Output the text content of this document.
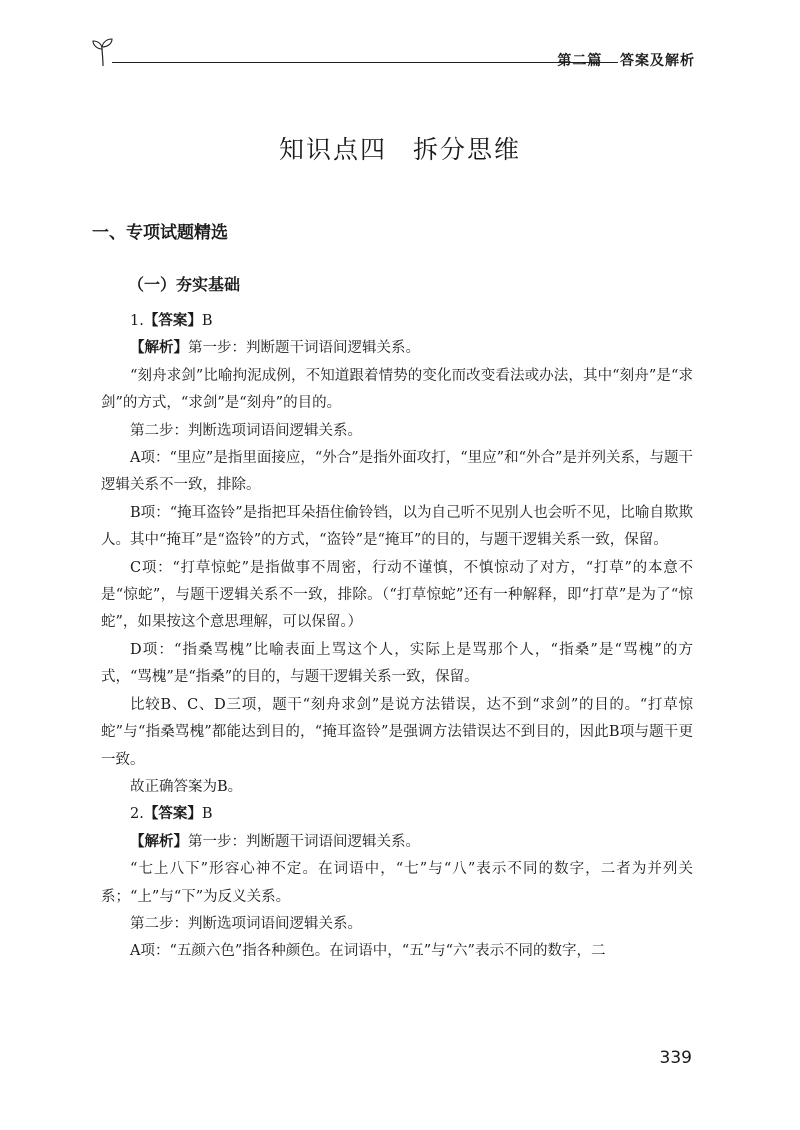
第二篇 答案及解析
知识点四 拆分思维
一、专项试题精选
（一）夯实基础

1.【答案】B

【解析】第一步：判断题干词语间逻辑关系。

“刻舟求剑”比喻拘泥成例，不知道跟着情势的变化而改变看法或办法，其中“刻舟”是“求剑”的方式，“求剑”是“刻舟”的目的。

第二步：判断选项词语间逻辑关系。

A项：“里应”是指里面接应，“外合”是指外面攻打，“里应”和“外合”是并列关系，与题干逻辑关系不一致，排除。

B项：“掩耳盗铃”是指把耳朵捂住偷铃铛，以为自己听不见别人也会听不见，比喻自欺欺人。其中“掩耳”是“盗铃”的方式，“盗铃”是“掩耳”的目的，与题干逻辑关系一致，保留。

C项：“打草惊蛇”是指做事不周密，行动不谨慎，不慎惊动了对方，“打草”的本意不是“惊蛇”，与题干逻辑关系不一致，排除。（“打草惊蛇”还有一种解释，即“打草”是为了“惊蛇”，如果按这个意思理解，可以保留。）

D项：“指桑骂槐”比喻表面上骂这个人，实际上是骂那个人，“指桑”是“骂槐”的方式，“骂槐”是“指桑”的目的，与题干逻辑关系一致，保留。

比较B、C、D三项，题干“刻舟求剑”是说方法错误，达不到“求剑”的目的。“打草惊蛇”与“指桑骂槐”都能达到目的，“掩耳盗铃”是强调方法错误达不到目的，因此B项与题干更一致。

故正确答案为B。

2.【答案】B

【解析】第一步：判断题干词语间逻辑关系。

“七上八下”形容心神不定。在词语中，“七”与“八”表示不同的数字，二者为并列关系；“上”与“下”为反义关系。

第二步：判断选项词语间逻辑关系。

A项：“五颜六色”指各种颜色。在词语中，“五”与“六”表示不同的数字，二

339
